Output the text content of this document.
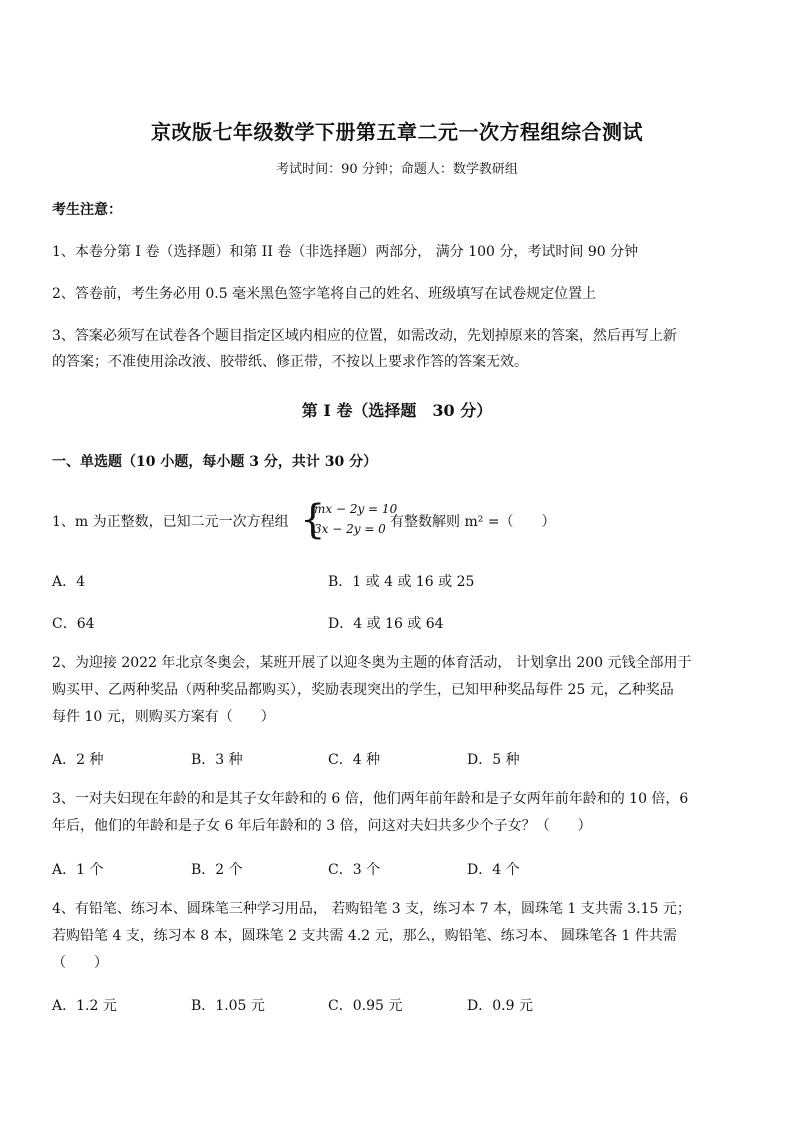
京改版七年级数学下册第五章二元一次方程组综合测试
考试时间：90 分钟；命题人：数学教研组
考生注意：
1、本卷分第 I 卷（选择题）和第 II 卷（非选择题）两部分， 满分 100 分，考试时间 90 分钟
2、答卷前，考生务必用 0.5 毫米黑色签字笔将自己的姓名、班级填写在试卷规定位置上
3、答案必须写在试卷各个题目指定区域内相应的位置，如需改动，先划掉原来的答案，然后再写上新
的答案；不准使用涂改液、胶带纸、修正带，不按以上要求作答的答案无效。
第 I 卷（选择题　30 分）
一、单选题（10 小题，每小题 3 分，共计 30 分）
1、m 为正整数，已知二元一次方程组 {
mx − 2y = 10
3x − 2y = 0 有整数解则 m² =（　　）
A．4	B．1 或 4 或 16 或 25
C．64	D．4 或 16 或 64
2、为迎接 2022 年北京冬奥会，某班开展了以迎冬奥为主题的体育活动， 计划拿出 200 元钱全部用于
购买甲、乙两种奖品（两种奖品都购买），奖励表现突出的学生，已知甲种奖品每件 25 元，乙种奖品
每件 10 元，则购买方案有（　　）
A．2 种	B．3 种	C．4 种	D．5 种
3、一对夫妇现在年龄的和是其子女年龄和的 6 倍，他们两年前年龄和是子女两年前年龄和的 10 倍，6
年后，他们的年龄和是子女 6 年后年龄和的 3 倍，问这对夫妇共多少个子女？（　　）
A．1 个	B．2 个	C．3 个	D．4 个
4、有铅笔、练习本、圆珠笔三种学习用品， 若购铅笔 3 支，练习本 7 本，圆珠笔 1 支共需 3.15 元；
若购铅笔 4 支，练习本 8 本，圆珠笔 2 支共需 4.2 元，那么，购铅笔、练习本、 圆珠笔各 1 件共需
（　　）
A．1.2 元	B．1.05 元	C．0.95 元	D．0.9 元
